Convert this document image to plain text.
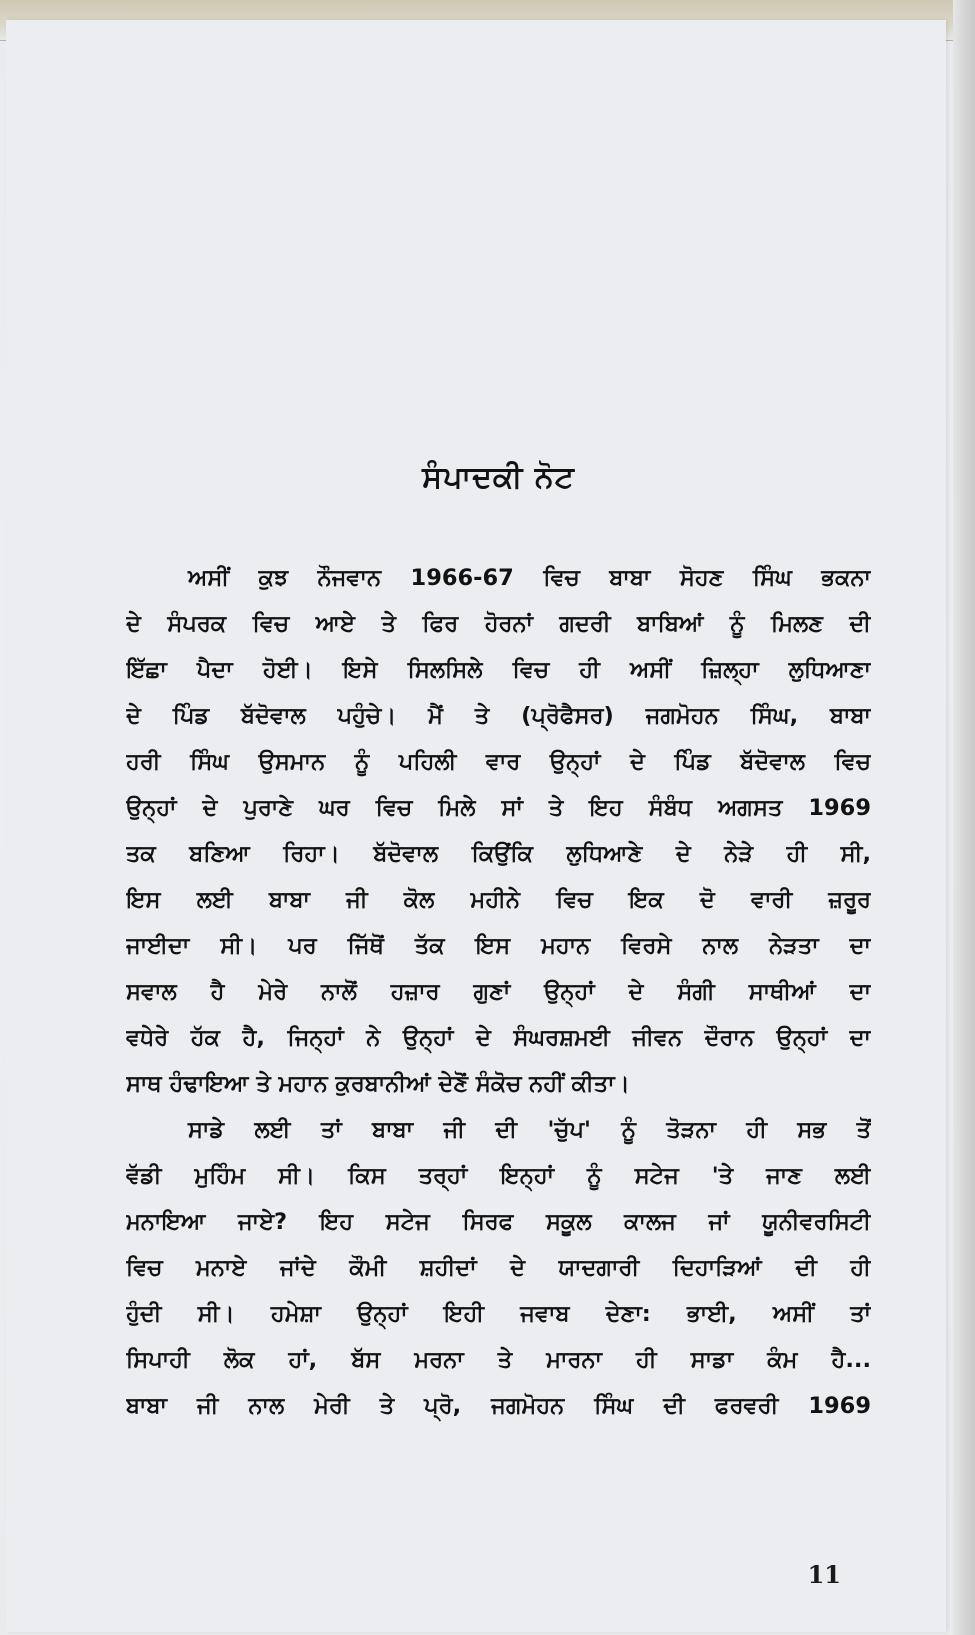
ਸੰਪਾਦਕੀ ਨੋਟ
ਅਸੀਂ ਕੁਝ ਨੌਜਵਾਨ 1966-67 ਵਿਚ ਬਾਬਾ ਸੋਹਣ ਸਿੰਘ ਭਕਨਾ
ਦੇ ਸੰਪਰਕ ਵਿਚ ਆਏ ਤੇ ਫਿਰ ਹੋਰਨਾਂ ਗਦਰੀ ਬਾਬਿਆਂ ਨੂੰ ਮਿਲਣ ਦੀ
ਇੱਛਾ ਪੈਦਾ ਹੋਈ। ਇਸੇ ਸਿਲਸਿਲੇ ਵਿਚ ਹੀ ਅਸੀਂ ਜ਼ਿਲ੍ਹਾ ਲੁਧਿਆਣਾ
ਦੇ ਪਿੰਡ ਬੱਦੋਵਾਲ ਪਹੁੰਚੇ। ਮੈਂ ਤੇ (ਪ੍ਰੋਫੈਸਰ) ਜਗਮੋਹਨ ਸਿੰਘ, ਬਾਬਾ
ਹਰੀ ਸਿੰਘ ਉਸਮਾਨ ਨੂੰ ਪਹਿਲੀ ਵਾਰ ਉਨ੍ਹਾਂ ਦੇ ਪਿੰਡ ਬੱਦੋਵਾਲ ਵਿਚ
ਉਨ੍ਹਾਂ ਦੇ ਪੁਰਾਣੇ ਘਰ ਵਿਚ ਮਿਲੇ ਸਾਂ ਤੇ ਇਹ ਸੰਬੰਧ ਅਗਸਤ 1969
ਤਕ ਬਣਿਆ ਰਿਹਾ। ਬੱਦੋਵਾਲ ਕਿਉਂਕਿ ਲੁਧਿਆਣੇ ਦੇ ਨੇੜੇ ਹੀ ਸੀ,
ਇਸ ਲਈ ਬਾਬਾ ਜੀ ਕੋਲ ਮਹੀਨੇ ਵਿਚ ਇਕ ਦੋ ਵਾਰੀ ਜ਼ਰੂਰ
ਜਾਈਦਾ ਸੀ। ਪਰ ਜਿੱਥੋਂ ਤੱਕ ਇਸ ਮਹਾਨ ਵਿਰਸੇ ਨਾਲ ਨੇੜਤਾ ਦਾ
ਸਵਾਲ ਹੈ ਮੇਰੇ ਨਾਲੋਂ ਹਜ਼ਾਰ ਗੁਣਾਂ ਉਨ੍ਹਾਂ ਦੇ ਸੰਗੀ ਸਾਥੀਆਂ ਦਾ
ਵਧੇਰੇ ਹੱਕ ਹੈ, ਜਿਨ੍ਹਾਂ ਨੇ ਉਨ੍ਹਾਂ ਦੇ ਸੰਘਰਸ਼ਮਈ ਜੀਵਨ ਦੌਰਾਨ ਉਨ੍ਹਾਂ ਦਾ
ਸਾਥ ਹੰਢਾਇਆ ਤੇ ਮਹਾਨ ਕੁਰਬਾਨੀਆਂ ਦੇਣੋਂ ਸੰਕੋਚ ਨਹੀਂ ਕੀਤਾ।
ਸਾਡੇ ਲਈ ਤਾਂ ਬਾਬਾ ਜੀ ਦੀ 'ਚੁੱਪ' ਨੂੰ ਤੋੜਨਾ ਹੀ ਸਭ ਤੋਂ
ਵੱਡੀ ਮੁਹਿੰਮ ਸੀ। ਕਿਸ ਤਰ੍ਹਾਂ ਇਨ੍ਹਾਂ ਨੂੰ ਸਟੇਜ 'ਤੇ ਜਾਣ ਲਈ
ਮਨਾਇਆ ਜਾਏ? ਇਹ ਸਟੇਜ ਸਿਰਫ ਸਕੂਲ ਕਾਲਜ ਜਾਂ ਯੂਨੀਵਰਸਿਟੀ
ਵਿਚ ਮਨਾਏ ਜਾਂਦੇ ਕੌਮੀ ਸ਼ਹੀਦਾਂ ਦੇ ਯਾਦਗਾਰੀ ਦਿਹਾੜਿਆਂ ਦੀ ਹੀ
ਹੁੰਦੀ ਸੀ। ਹਮੇਸ਼ਾ ਉਨ੍ਹਾਂ ਇਹੀ ਜਵਾਬ ਦੇਣਾ: ਭਾਈ, ਅਸੀਂ ਤਾਂ
ਸਿਪਾਹੀ ਲੋਕ ਹਾਂ, ਬੱਸ ਮਰਨਾ ਤੇ ਮਾਰਨਾ ਹੀ ਸਾਡਾ ਕੰਮ ਹੈ...
ਬਾਬਾ ਜੀ ਨਾਲ ਮੇਰੀ ਤੇ ਪ੍ਰੋ, ਜਗਮੋਹਨ ਸਿੰਘ ਦੀ ਫਰਵਰੀ 1969
11
